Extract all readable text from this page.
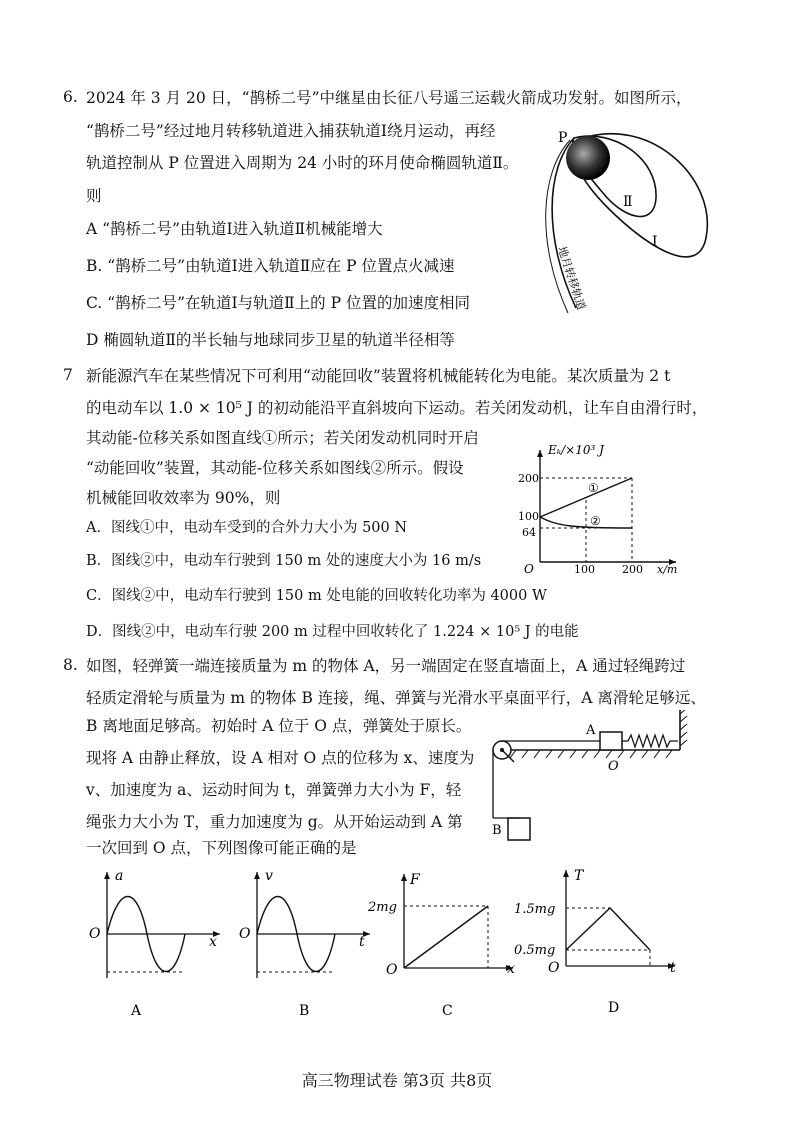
6. 2024 年 3 月 20 日，“鹊桥二号”中继星由长征八号遥三运载火箭成功发射。如图所示，
“鹊桥二号”经过地月转移轨道进入捕获轨道Ⅰ绕月运动，再经
轨道控制从 P 位置进入周期为 24 小时的环月使命椭圆轨道Ⅱ。
则
A “鹊桥二号”由轨道Ⅰ进入轨道Ⅱ机械能增大
B. “鹊桥二号”由轨道Ⅰ进入轨道Ⅱ应在 P 位置点火减速
C. “鹊桥二号”在轨道Ⅰ与轨道Ⅱ上的 P 位置的加速度相同
D 椭圆轨道Ⅱ的半长轴与地球同步卫星的轨道半径相等
P
Ⅱ
Ⅰ
地月转移轨道
7 新能源汽车在某些情况下可利用“动能回收”装置将机械能转化为电能。某次质量为 2 t
的电动车以 1.0 × 10⁵ J 的初动能沿平直斜坡向下运动。若关闭发动机，让车自由滑行时，
其动能-位移关系如图直线①所示；若关闭发动机同时开启
“动能回收”装置，其动能-位移关系如图线②所示。假设
机械能回收效率为 90%，则
A．图线①中，电动车受到的合外力大小为 500 N
B．图线②中，电动车行驶到 150 m 处的速度大小为 16 m/s
C．图线②中，电动车行驶到 150 m 处电能的回收转化功率为 4000 W
D．图线②中，电动车行驶 200 m 过程中回收转化了 1.224 × 10⁵ J 的电能
Eₖ/×10³ J
x/m
O
200
100
64
100 200
①
②
8. 如图，轻弹簧一端连接质量为 m 的物体 A，另一端固定在竖直墙面上，A 通过轻绳跨过
轻质定滑轮与质量为 m 的物体 B 连接，绳、弹簧与光滑水平桌面平行，A 离滑轮足够远、
B 离地面足够高。初始时 A 位于 O 点，弹簧处于原长。
现将 A 由静止释放，设 A 相对 O 点的位移为 x、速度为
v、加速度为 a、运动时间为 t，弹簧弹力大小为 F，轻
绳张力大小为 T，重力加速度为 g。从开始运动到 A 第
一次回到 O 点，下列图像可能正确的是
A
O
B
a
x
O
A
v
t
O
B
F
x
O
2mg
C
T
t
O
1.5mg
0.5mg
D
高三物理试卷 第3页 共8页
